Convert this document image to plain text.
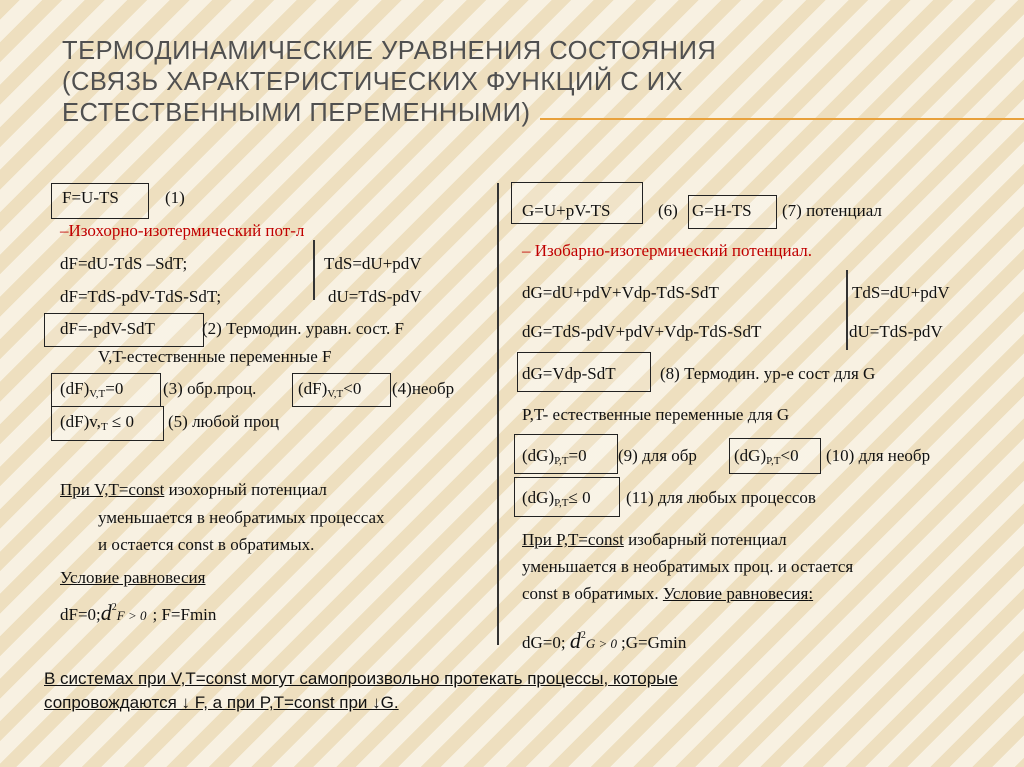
ТЕРМОДИНАМИЧЕСКИЕ УРАВНЕНИЯ СОСТОЯНИЯ
(СВЯЗЬ ХАРАКТЕРИСТИЧЕСКИХ ФУНКЦИЙ С ИХ
ЕСТЕСТВЕННЫМИ ПЕРЕМЕННЫМИ)
F=U-TS	(1)
–Изохорно-изотермический пот-л
dF=dU-TdS –SdT;	TdS=dU+pdV
dF=TdS-pdV-TdS-SdT;	dU=TdS-pdV
dF=-pdV-SdT	(2) Термодин. уравн. сост. F
V,T-естественные переменные F
$(dF)_{V,T}=0$ (3) обр.проц. $(dF)_{V,T}<0$ (4)необр
$(dF)v,_T \le 0$ (5) любой проц
При V,T=const изохорный потенциал
уменьшается в необратимых процессах
и остается const в обратимых.
Условие равновесия
$dF=0;d^2F > 0$ ; F=Fmin
G=U+pV-TS	(6) G=H-TS (7) потенциал
– Изобарно-изотермический потенциал.
dG=dU+pdV+Vdp-TdS-SdT	TdS=dU+pdV
dG=TdS-pdV+pdV+Vdp-TdS-SdT	dU=TdS-pdV
dG=Vdp-SdT	(8) Термодин. ур-е сост для G
P,T- естественные переменные для G
$(dG)_{P,T}=0$ (9) для обр $(dG)_{P,T}<0$ (10) для необр
$(dG)_{P,T}\le 0$ (11) для любых процессов
При P,T=const изобарный потенциал
уменьшается в необратимых проц. и остается
const в обратимых. Условие равновесия:
dG=0; $d^2G > 0$ ;G=Gmin
В системах при V,T=const могут самопроизвольно протекать процессы, которые
сопровождаются ↓ F, а при P,T=const при ↓G.
